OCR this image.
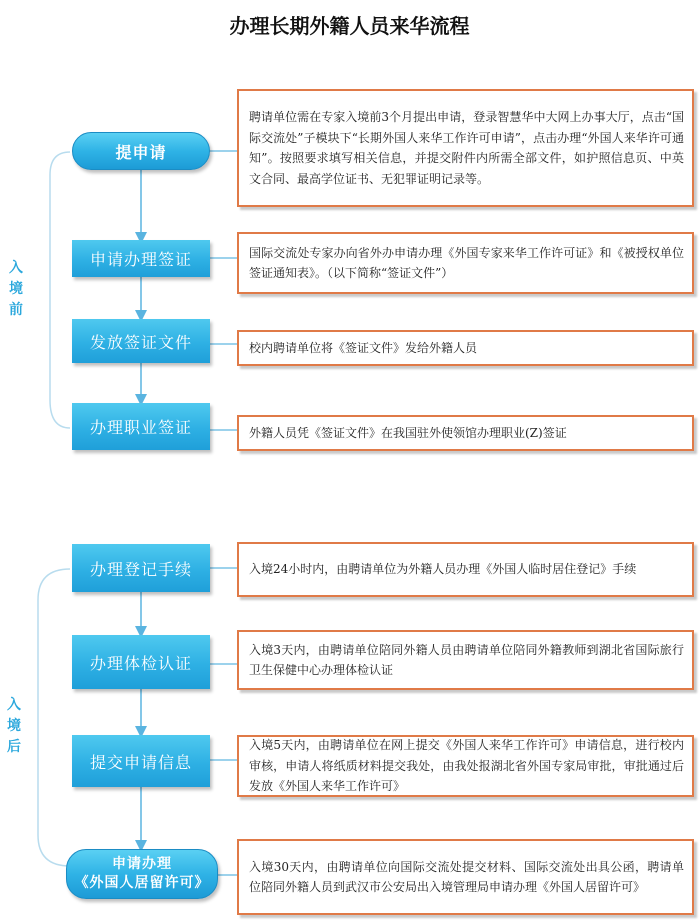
办理长期外籍人员来华流程
入
境
前
入
境
后
提申请
聘请单位需在专家入境前3个月提出申请，登录智慧华中大网上办事大厅，点击“国际交流处”子模块下“长期外国人来华工作许可申请”，点击办理“外国人来华许可通知”。按照要求填写相关信息，并提交附件内所需全部文件，如护照信息页、中英文合同、最高学位证书、无犯罪证明记录等。
申请办理签证	国际交流处专家办向省外办申请办理《外国专家来华工作许可证》和《被授权单位签证通知表》。（以下简称“签证文件”）
发放签证文件	校内聘请单位将《签证文件》发给外籍人员
办理职业签证	外籍人员凭《签证文件》在我国驻外使领馆办理职业(Z)签证
办理登记手续	入境24小时内，由聘请单位为外籍人员办理《外国人临时居住登记》手续
办理体检认证
入境3天内，由聘请单位陪同外籍人员由聘请单位陪同外籍教师到湖北省国际旅行卫生保健中心办理体检认证
提交申请信息
入境5天内，由聘请单位在网上提交《外国人来华工作许可》申请信息，进行校内审核，申请人将纸质材料提交我处，由我处报湖北省外国专家局审批，审批通过后发放《外国人来华工作许可》
申请办理
《外国人居留许可》
入境30天内，由聘请单位向国际交流处提交材料、国际交流处出具公函，聘请单位陪同外籍人员到武汉市公安局出入境管理局申请办理《外国人居留许可》
